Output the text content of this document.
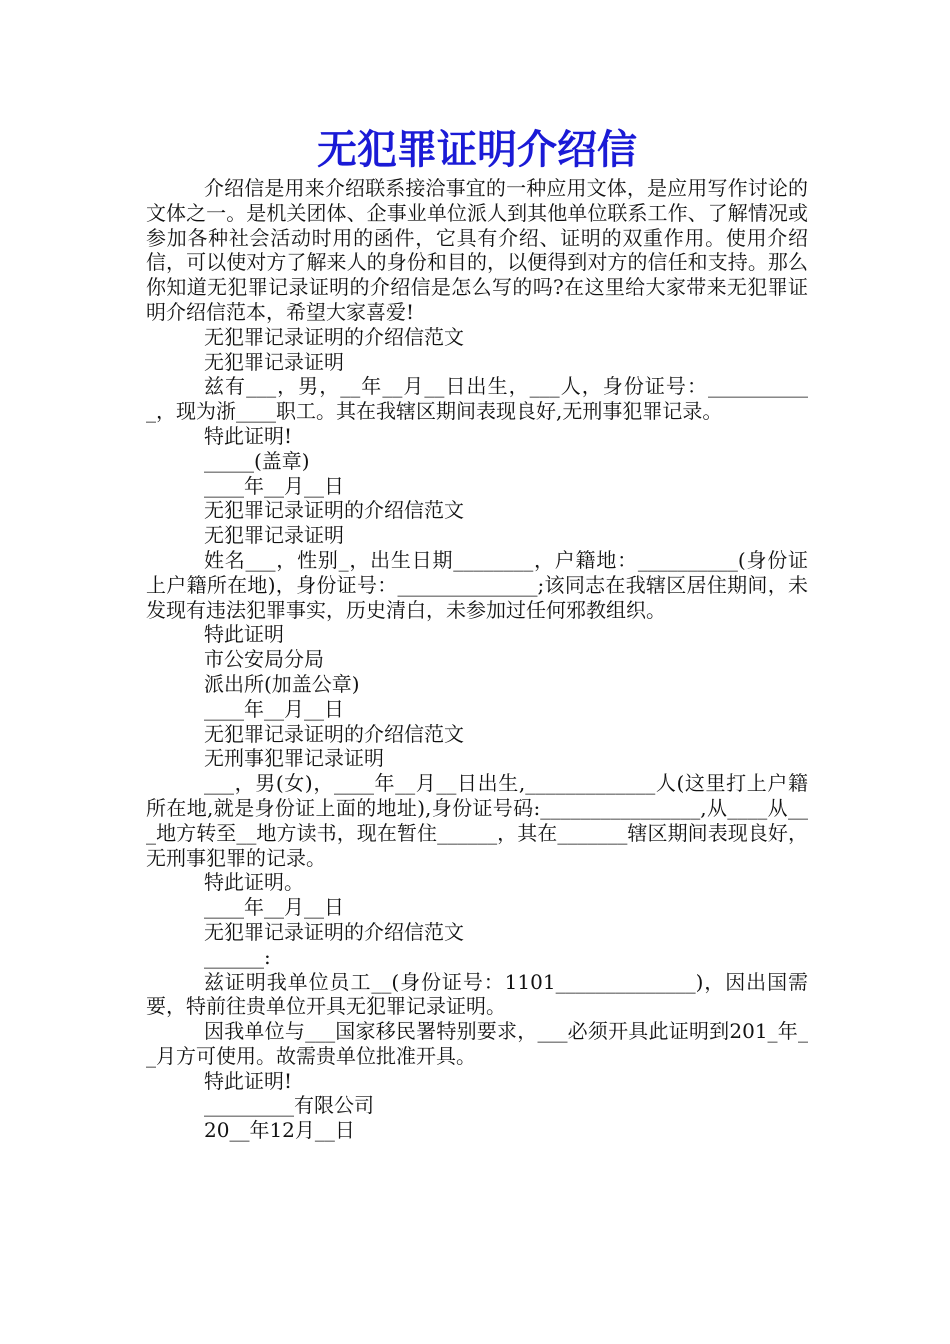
无犯罪证明介绍信

介绍信是用来介绍联系接洽事宜的一种应用文体，是应用写作讨论的文体之一。是机关团体、企事业单位派人到其他单位联系工作、了解情况或参加各种社会活动时用的函件，它具有介绍、证明的双重作用。使用介绍信，可以使对方了解来人的身份和目的，以便得到对方的信任和支持。那么你知道无犯罪记录证明的介绍信是怎么写的吗?在这里给大家带来无犯罪证明介绍信范本，希望大家喜爱!

无犯罪记录证明的介绍信范文

无犯罪记录证明

兹有___，男，__年__月__日出生，___人，身份证号：___________，现为浙____职工。其在我辖区期间表现良好,无刑事犯罪记录。

特此证明!

_____(盖章)

____年__月__日

无犯罪记录证明的介绍信范文

无犯罪记录证明

姓名___，性别_，出生日期________，户籍地：__________(身份证上户籍所在地)，身份证号：______________;该同志在我辖区居住期间，未发现有违法犯罪事实，历史清白，未参加过任何邪教组织。

特此证明

市公安局分局

派出所(加盖公章)

____年__月__日

无犯罪记录证明的介绍信范文

无刑事犯罪记录证明

___，男(女)，____年__月__日出生,_____________人(这里打上户籍所在地,就是身份证上面的地址),身份证号码:________________,从____从___地方转至__地方读书，现在暂住______，其在_______辖区期间表现良好，无刑事犯罪的记录。

特此证明。

____年__月__日

无犯罪记录证明的介绍信范文

______:

兹证明我单位员工__(身份证号：1101______________)，因出国需要，特前往贵单位开具无犯罪记录证明。

因我单位与___国家移民署特别要求，___必须开具此证明到201_年__月方可使用。故需贵单位批准开具。

特此证明!

_________有限公司

20__年12月__日
